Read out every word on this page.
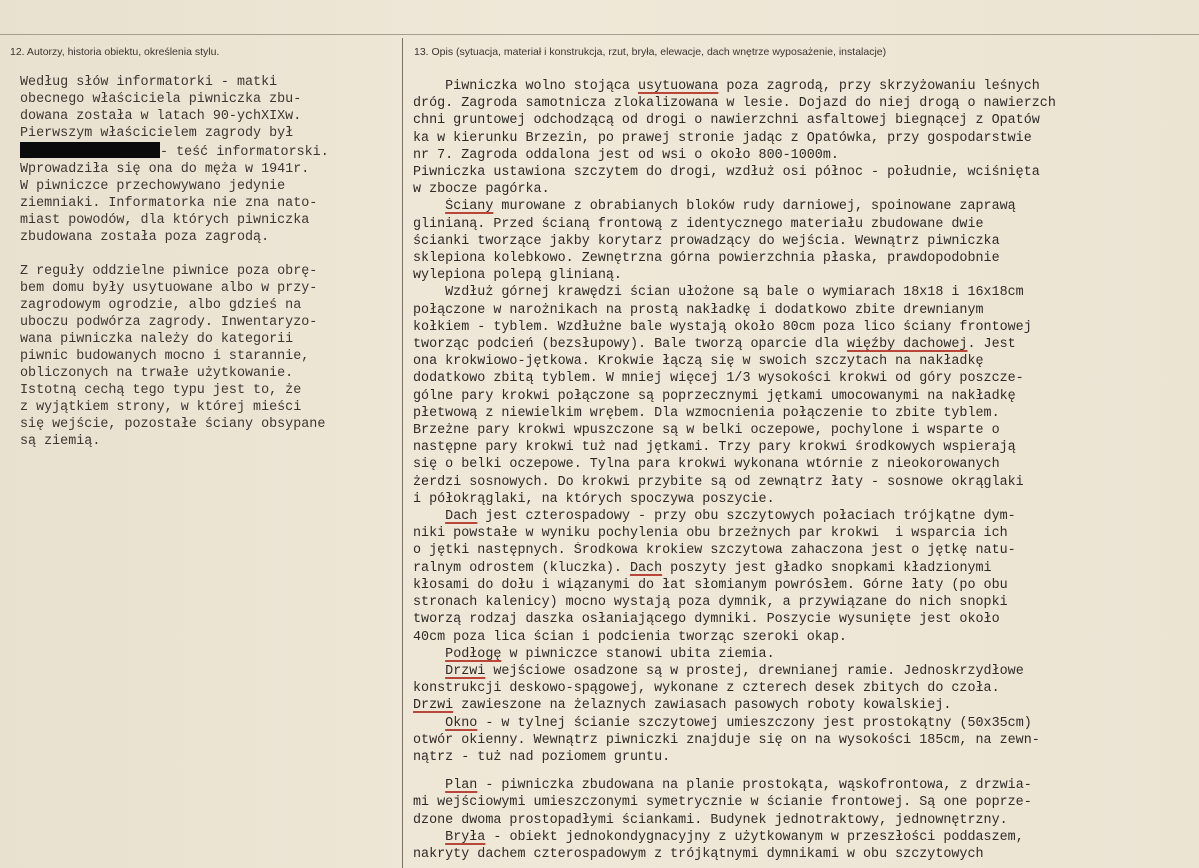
12. Autorzy, historia obiektu, określenia stylu.	13. Opis (sytuacja, materiał i konstrukcja, rzut, bryła, elewacje, dach wnętrze wyposażenie, instalacje)
Według słów informatorki - matki
obecnego właściciela piwniczka zbu-
dowana została w latach 90-ychXIXw.
Pierwszym właścicielem zagrody był
- teść informatorski.
Wprowadziła się ona do męża w 1941r.
W piwniczce przechowywano jedynie
ziemniaki. Informatorka nie zna nato-
miast powodów, dla których piwniczka
zbudowana została poza zagrodą.
Z reguły oddzielne piwnice poza obrę-
bem domu były usytuowane albo w przy-
zagrodowym ogrodzie, albo gdzieś na
uboczu podwórza zagrody. Inwentaryzo-
wana piwniczka należy do kategorii
piwnic budowanych mocno i starannie,
obliczonych na trwałe użytkowanie.
Istotną cechą tego typu jest to, że
z wyjątkiem strony, w której mieści
się wejście, pozostałe ściany obsypane
są ziemią.
Piwniczka wolno stojąca usytuowana poza zagrodą, przy skrzyżowaniu leśnych
dróg. Zagroda samotnicza zlokalizowana w lesie. Dojazd do niej drogą o nawierzch
chni gruntowej odchodzącą od drogi o nawierzchni asfaltowej biegnącej z Opatów
ka w kierunku Brzezin, po prawej stronie jadąc z Opatówka, przy gospodarstwie
nr 7. Zagroda oddalona jest od wsi o około 800-1000m.
Piwniczka ustawiona szczytem do drogi, wzdłuż osi północ - południe, wciśnięta
w zbocze pagórka.
Ściany murowane z obrabianych bloków rudy darniowej, spoinowane zaprawą
glinianą. Przed ścianą frontową z identycznego materiału zbudowane dwie
ścianki tworzące jakby korytarz prowadzący do wejścia. Wewnątrz piwniczka
sklepiona kolebkowo. Zewnętrzna górna powierzchnia płaska, prawdopodobnie
wylepiona polepą glinianą.
Wzdłuż górnej krawędzi ścian ułożone są bale o wymiarach 18x18 i 16x18cm
połączone w narożnikach na prostą nakładkę i dodatkowo zbite drewnianym
kołkiem - tyblem. Wzdłużne bale wystają około 80cm poza lico ściany frontowej
tworząc podcień (bezsłupowy). Bale tworzą oparcie dla więźby dachowej. Jest
ona krokwiowo-jętkowa. Krokwie łączą się w swoich szczytach na nakładkę
dodatkowo zbitą tyblem. W mniej więcej 1/3 wysokości krokwi od góry poszcze-
gólne pary krokwi połączone są poprzecznymi jętkami umocowanymi na nakładkę
płetwową z niewielkim wrębem. Dla wzmocnienia połączenie to zbite tyblem.
Brzeżne pary krokwi wpuszczone są w belki oczepowe, pochylone i wsparte o
następne pary krokwi tuż nad jętkami. Trzy pary krokwi środkowych wspierają
się o belki oczepowe. Tylna para krokwi wykonana wtórnie z nieokorowanych
żerdzi sosnowych. Do krokwi przybite są od zewnątrz łaty - sosnowe okrąglaki
i półokrąglaki, na których spoczywa poszycie.
Dach jest czterospadowy - przy obu szczytowych połaciach trójkątne dym-
niki powstałe w wyniku pochylenia obu brzeżnych par krokwi  i wsparcia ich
o jętki następnych. Środkowa krokiew szczytowa zahaczona jest o jętkę natu-
ralnym odrostem (kluczka). Dach poszyty jest gładko snopkami kładzionymi
kłosami do dołu i wiązanymi do łat słomianym powrósłem. Górne łaty (po obu
stronach kalenicy) mocno wystają poza dymnik, a przywiązane do nich snopki
tworzą rodzaj daszka osłaniającego dymniki. Poszycie wysunięte jest około
40cm poza lica ścian i podcienia tworząc szeroki okap.
Podłogę w piwniczce stanowi ubita ziemia.
Drzwi wejściowe osadzone są w prostej, drewnianej ramie. Jednoskrzydłowe
konstrukcji deskowo-spągowej, wykonane z czterech desek zbitych do czoła.
Drzwi zawieszone na żelaznych zawiasach pasowych roboty kowalskiej.
Okno - w tylnej ścianie szczytowej umieszczony jest prostokątny (50x35cm)
otwór okienny. Wewnątrz piwniczki znajduje się on na wysokości 185cm, na zewn-
nątrz - tuż nad poziomem gruntu.
Plan - piwniczka zbudowana na planie prostokąta, wąskofrontowa, z drzwia-
mi wejściowymi umieszczonymi symetrycznie w ścianie frontowej. Są one poprze-
dzone dwoma prostopadłymi ściankami. Budynek jednotraktowy, jednownętrzny.
Bryła - obiekt jednokondygnacyjny z użytkowanym w przeszłości poddaszem,
nakryty dachem czterospadowym z trójkątnymi dymnikami w obu szczytowych
